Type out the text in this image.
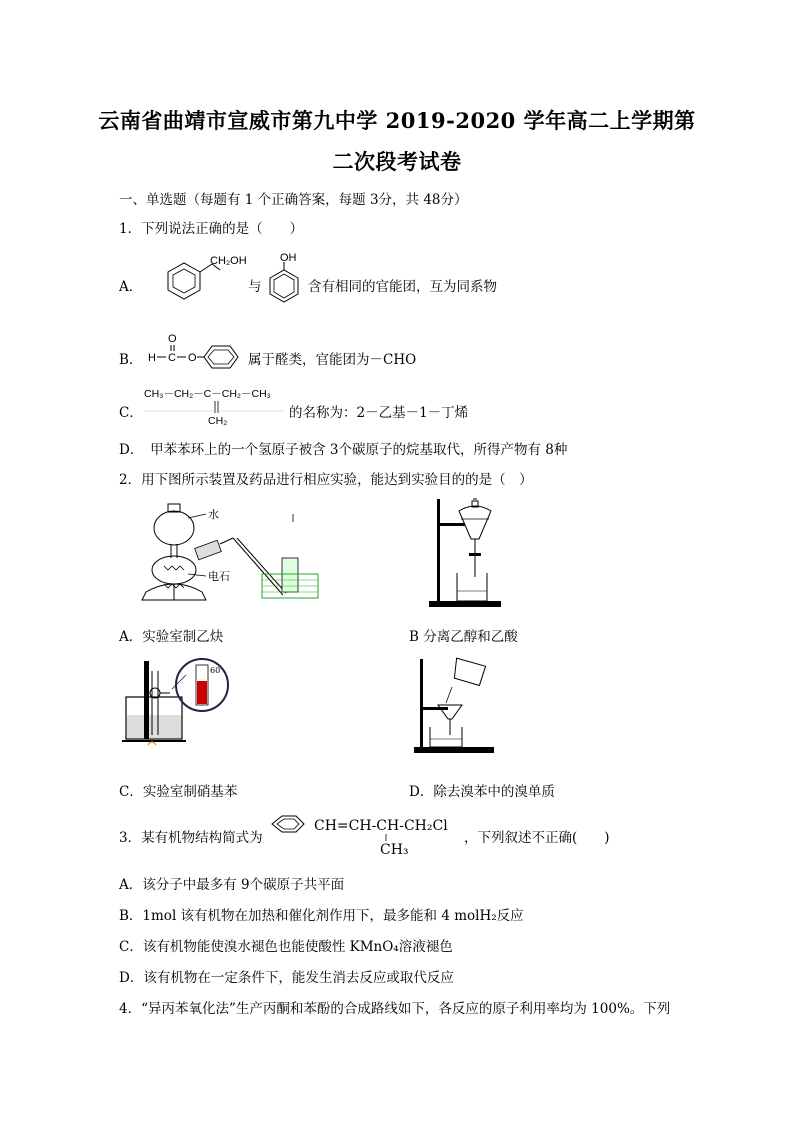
云南省曲靖市宣威市第九中学 2019-2020 学年高二上学期第
二次段考试卷
一、单选题（每题有 1 个正确答案，每题 3分，共 48分）
1．下列说法正确的是（　　）
A．
CH₂OH
与
OH
含有相同的官能团，互为同系物
B．
O
H C O	属于醛类，官能团为－CHO
C．
CH₃－CH₂－C－CH₂－CH₃
CH₂	的名称为：2－乙基－1－丁烯
D．　甲苯苯环上的一个氢原子被含 3个碳原子的烷基取代，所得产物有 8种
2．用下图所示装置及药品进行相应实验，能达到实验目的的是（　）
水
电石
A．实验室制乙炔	B 分离乙醇和乙酸
60
C．实验室制硝基苯	D．除去溴苯中的溴单质
3．某有机物结构简式为
CH=CH-CH-CH₂Cl
CH₃
，下列叙述不正确(　　)
A．该分子中最多有 9个碳原子共平面
B．1mol 该有机物在加热和催化剂作用下，最多能和 4 molH₂反应
C．该有机物能使溴水褪色也能使酸性 KMnO₄溶液褪色
D．该有机物在一定条件下，能发生消去反应或取代反应
4．“异丙苯氧化法”生产丙酮和苯酚的合成路线如下，各反应的原子利用率均为 100%。下列
